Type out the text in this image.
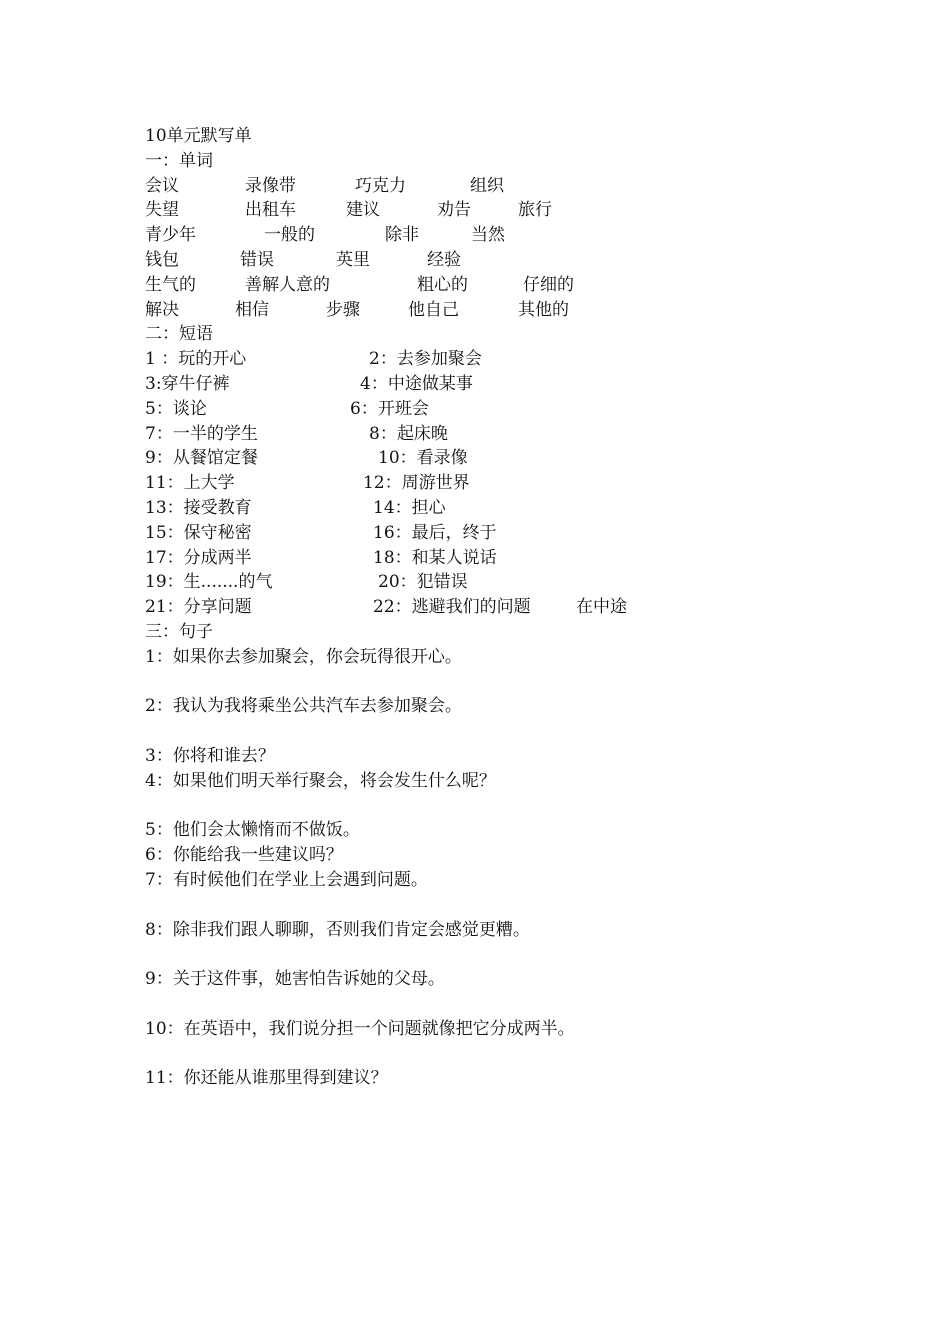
10单元默写单
一：单词
会议	录像带	巧克力	组织
失望	出租车	建议	劝告	旅行
青少年	一般的	除非	当然
钱包	错误	英里	经验
生气的	善解人意的	粗心的	仔细的
解决	相信	步骤	他自己	其他的
二：短语
1 ：玩的开心	2：去参加聚会
3:穿牛仔裤	4：中途做某事
5：谈论	6：开班会
7：一半的学生	8：起床晚
9：从餐馆定餐	10：看录像
11：上大学	12：周游世界
13：接受教育	14：担心
15：保守秘密	16：最后，终于
17：分成两半	18：和某人说话
19：生.......的气	20：犯错误
21：分享问题	22：逃避我们的问题	在中途
三：句子
1：如果你去参加聚会，你会玩得很开心。
2：我认为我将乘坐公共汽车去参加聚会。
3：你将和谁去？
4：如果他们明天举行聚会，将会发生什么呢？
5：他们会太懒惰而不做饭。
6：你能给我一些建议吗？
7：有时候他们在学业上会遇到问题。
8：除非我们跟人聊聊，否则我们肯定会感觉更糟。
9：关于这件事，她害怕告诉她的父母。
10：在英语中，我们说分担一个问题就像把它分成两半。
11：你还能从谁那里得到建议？
